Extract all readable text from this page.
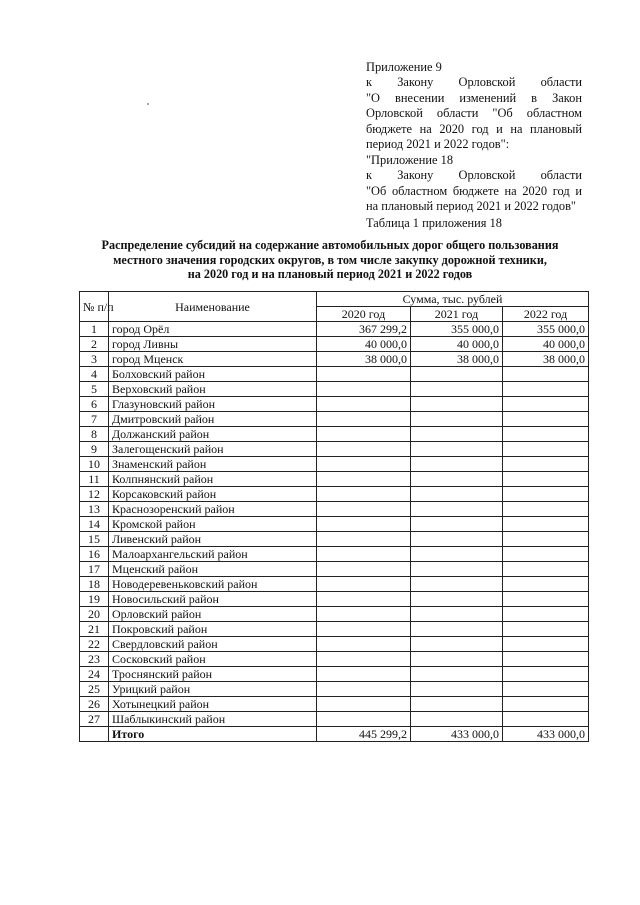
Приложение 9
к Закону Орловской области
"О внесении изменений в Закон
Орловской области "Об областном
бюджете на 2020 год и на плановый
период 2021 и 2022 годов":
"Приложение 18
к Закону Орловской области
"Об областном бюджете на 2020 год и
на плановый период 2021 и 2022 годов"
Таблица 1 приложения 18
Распределение субсидий на содержание автомобильных дорог общего пользования
местного значения городских округов, в том числе закупку дорожной техники,
на 2020 год и на плановый период 2021 и 2022 годов
№ п/п	Наименование	Сумма, тыс. рублей		
		2020 год	2021 год	2022 год
1	город Орёл	367 299,2	355 000,0	355 000,0
2	город Ливны	40 000,0	40 000,0	40 000,0
3	город Мценск	38 000,0	38 000,0	38 000,0
4	Болховский район			
5	Верховский район			
6	Глазуновский район			
7	Дмитровский район			
8	Должанский район			
9	Залегощенский район			
10	Знаменский район			
11	Колпнянский район			
12	Корсаковский район			
13	Краснозоренский район			
14	Кромской район			
15	Ливенский район			
16	Малоархангельский район			
17	Мценский район			
18	Новодеревеньковский район			
19	Новосильский район			
20	Орловский район			
21	Покровский район			
22	Свердловский район			
23	Сосковский район			
24	Троснянский район			
25	Урицкий район			
26	Хотынецкий район			
27	Шаблыкинский район			
	Итого	445 299,2	433 000,0	433 000,0
